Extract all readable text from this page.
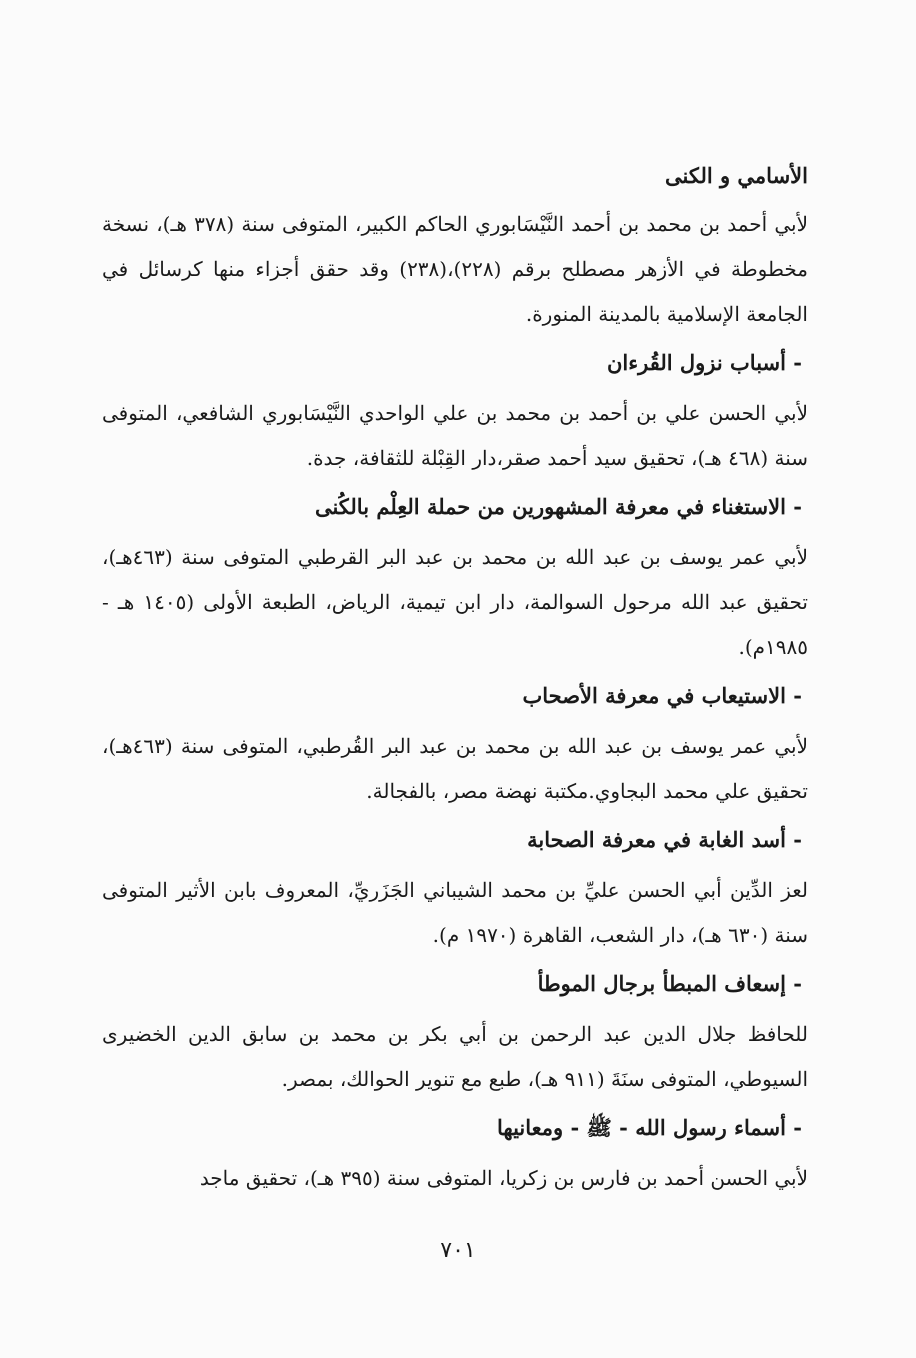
الأسامي و الكنى

لأبي أحمد بن محمد بن أحمد النَّيْسَابوري الحاكم الكبير، المتوفى سنة (٣٧٨ هـ)، نسخة مخطوطة في الأزهر مصطلح برقم (٢٢٨)،(٢٣٨) وقد حقق أجزاء منها كرسائل في الجامعة الإسلامية بالمدينة المنورة.

- أسباب نزول القُرءان

لأبي الحسن علي بن أحمد بن محمد بن علي الواحدي النَّيْسَابوري الشافعي، المتوفى سنة (٤٦٨ هـ)، تحقيق سيد أحمد صقر،دار القِبْلة للثقافة، جدة.

- الاستغناء في معرفة المشهورين من حملة العِلْم بالكُنى

لأبي عمر يوسف بن عبد الله بن محمد بن عبد البر القرطبي المتوفى سنة (٤٦٣هـ)، تحقيق عبد الله مرحول السوالمة، دار ابن تيمية، الرياض، الطبعة الأولى (١٤٠٥ هـ - ١٩٨٥م).

- الاستيعاب في معرفة الأصحاب

لأبي عمر يوسف بن عبد الله بن محمد بن عبد البر القُرطبي، المتوفى سنة (٤٦٣هـ)، تحقيق علي محمد البجاوي.مكتبة نهضة مصر، بالفجالة.

- أسد الغابة في معرفة الصحابة

لعز الدِّين أبي الحسن عليِّ بن محمد الشيباني الجَزَريِّ، المعروف بابن الأثير المتوفى سنة (٦٣٠ هـ)، دار الشعب، القاهرة (١٩٧٠ م).

- إسعاف المبطأ برجال الموطأ

للحافظ جلال الدين عبد الرحمن بن أبي بكر بن محمد بن سابق الدين الخضيرى السيوطي، المتوفى سنَةَ (٩١١ هـ)، طبع مع تنوير الحوالك، بمصر.

- أسماء رسول الله - ﷺ - ومعانيها

لأبي الحسن أحمد بن فارس بن زكريا، المتوفى سنة (٣٩٥ هـ)، تحقيق ماجد

٧٠١
